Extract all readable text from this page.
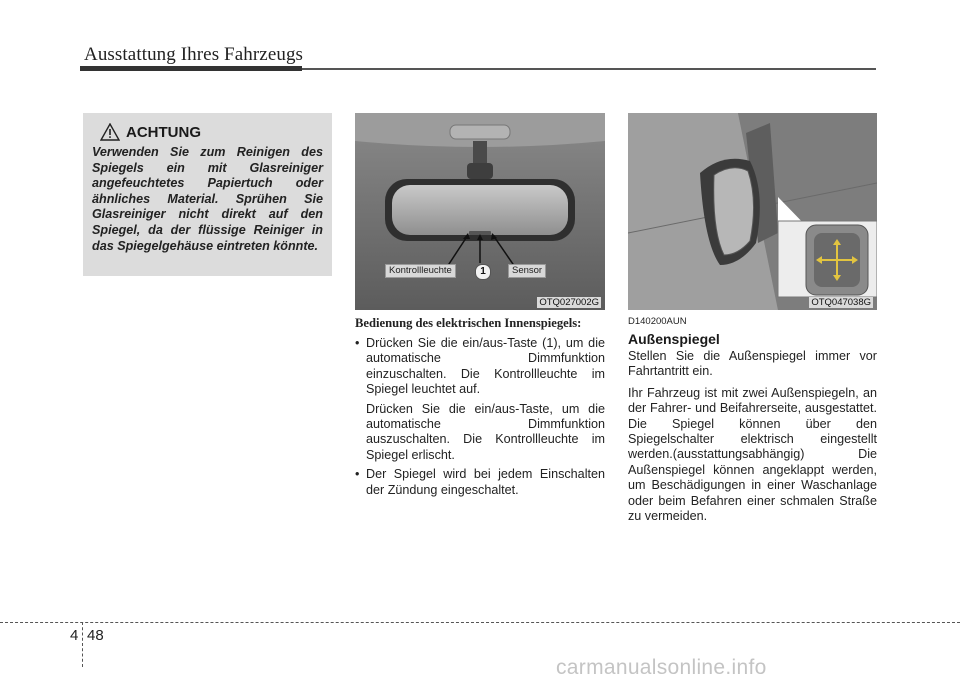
Ausstattung Ihres Fahrzeugs
ACHTUNG
Verwenden Sie zum Reinigen des Spiegels ein mit Glasreiniger angefeuchtetes Papiertuch oder ähnliches Material. Sprühen Sie Glasreiniger nicht direkt auf den Spiegel, da der flüssige Reiniger in das Spiegelgehäuse eintreten könnte.
Kontrollleuchte	1	Sensor
OTQ027002G	OTQ047038G
Bedienung des elektrischen Innenspiegels:
• Drücken Sie die ein/aus-Taste (1), um die automatische Dimmfunktion einzuschalten. Die Kontrollleuchte im Spiegel leuchtet auf.
Drücken Sie die ein/aus-Taste, um die automatische Dimmfunktion auszuschalten. Die Kontrollleuchte im Spiegel erlischt.
• Der Spiegel wird bei jedem Einschalten der Zündung eingeschaltet.
D140200AUN
Außenspiegel
Stellen Sie die Außenspiegel immer vor Fahrtantritt ein.
Ihr Fahrzeug ist mit zwei Außenspiegeln, an der Fahrer- und Beifahrerseite, ausgestattet. Die Spiegel können über den Spiegelschalter elektrisch eingestellt werden.(ausstattungsabhängig) Die Außenspiegel können angeklappt werden, um Beschädigungen in einer Waschanlage oder beim Befahren einer schmalen Straße zu vermeiden.
4 48
carmanualsonline.info
